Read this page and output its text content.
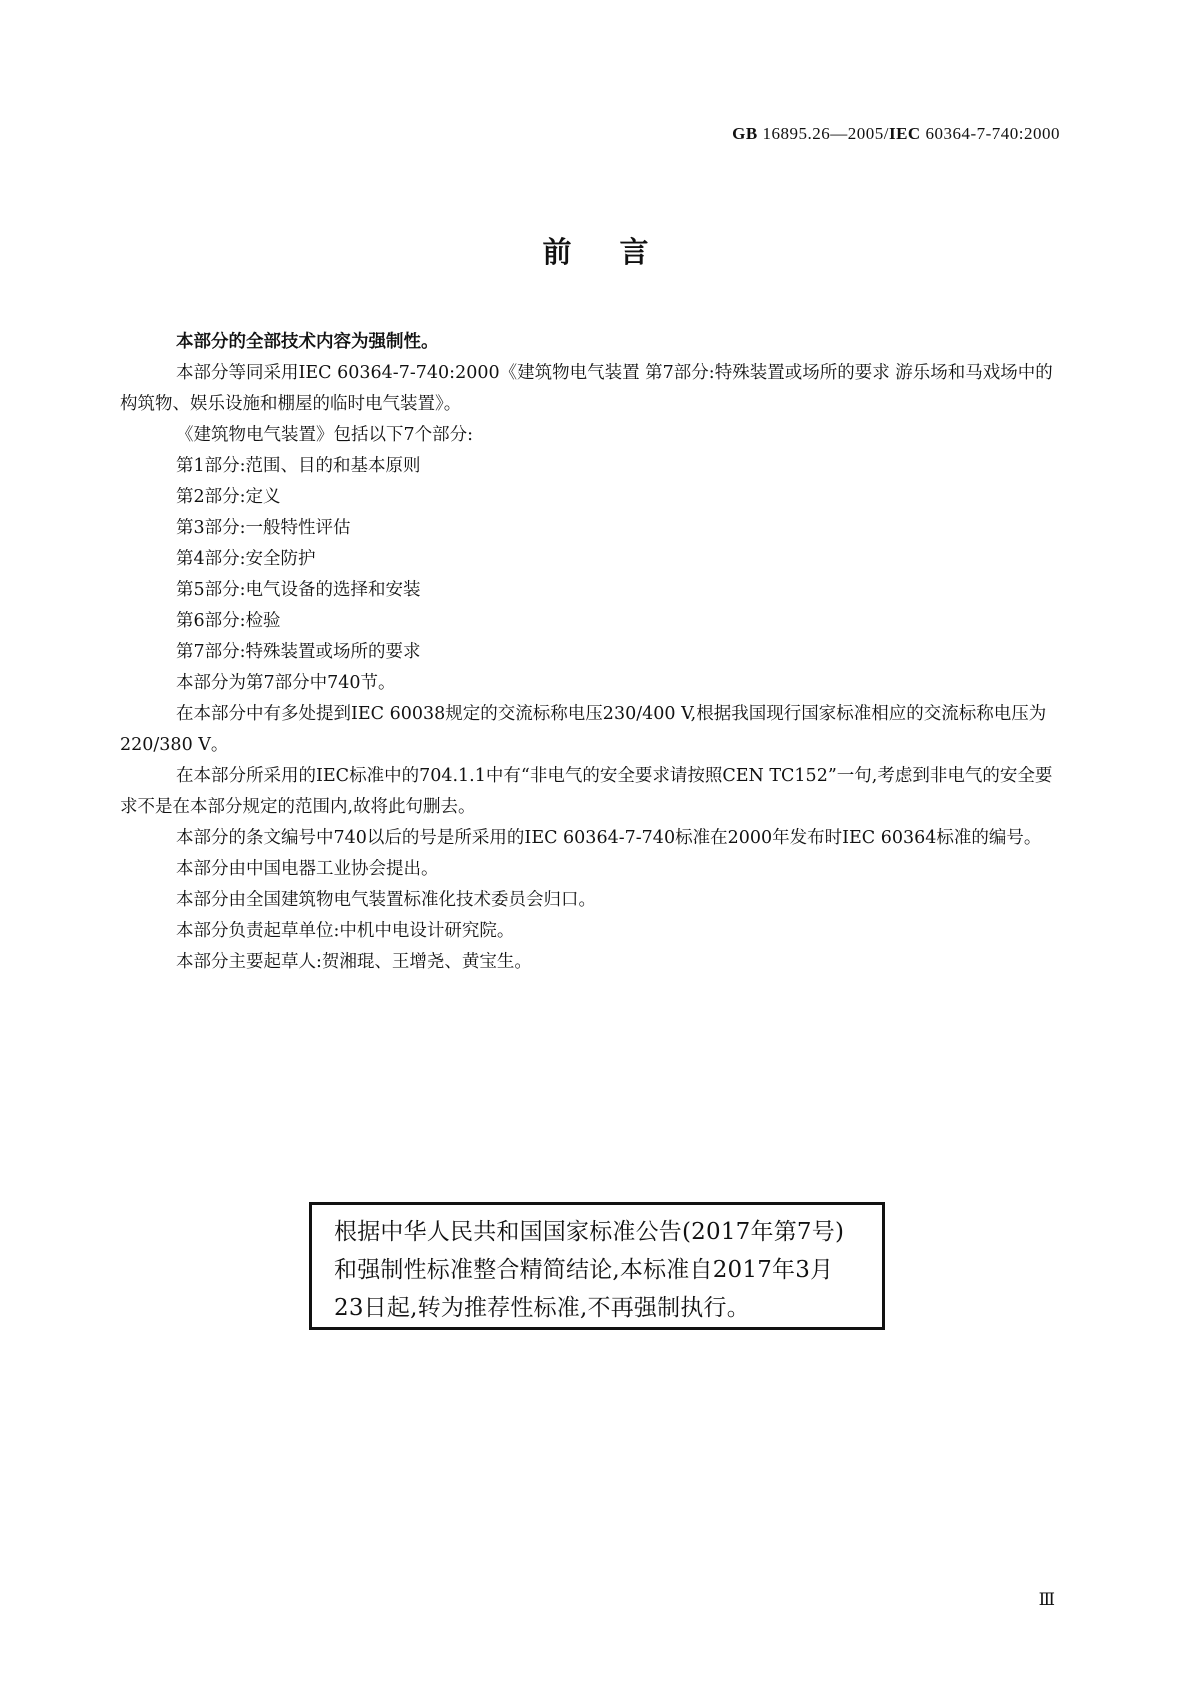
GB 16895.26—2005/IEC 60364-7-740:2000
前言

本部分的全部技术内容为强制性。

本部分等同采用IEC 60364-7-740:2000《建筑物电气装置 第7部分:特殊装置或场所的要求 游乐场和马戏场中的构筑物、娱乐设施和棚屋的临时电气装置》。

《建筑物电气装置》包括以下7个部分:

第1部分:范围、目的和基本原则

第2部分:定义

第3部分:一般特性评估

第4部分:安全防护

第5部分:电气设备的选择和安装

第6部分:检验

第7部分:特殊装置或场所的要求

本部分为第7部分中740节。

在本部分中有多处提到IEC 60038规定的交流标称电压230/400 V,根据我国现行国家标准相应的交流标称电压为220/380 V。

在本部分所采用的IEC标准中的704.1.1中有“非电气的安全要求请按照CEN TC152”一句,考虑到非电气的安全要求不是在本部分规定的范围内,故将此句删去。

本部分的条文编号中740以后的号是所采用的IEC 60364-7-740标准在2000年发布时IEC 60364标准的编号。

本部分由中国电器工业协会提出。

本部分由全国建筑物电气装置标准化技术委员会归口。

本部分负责起草单位:中机中电设计研究院。

本部分主要起草人:贺湘琨、王增尧、黄宝生。

根据中华人民共和国国家标准公告(2017年第7号)和强制性标准整合精简结论,本标准自2017年3月23日起,转为推荐性标准,不再强制执行。
Ⅲ
